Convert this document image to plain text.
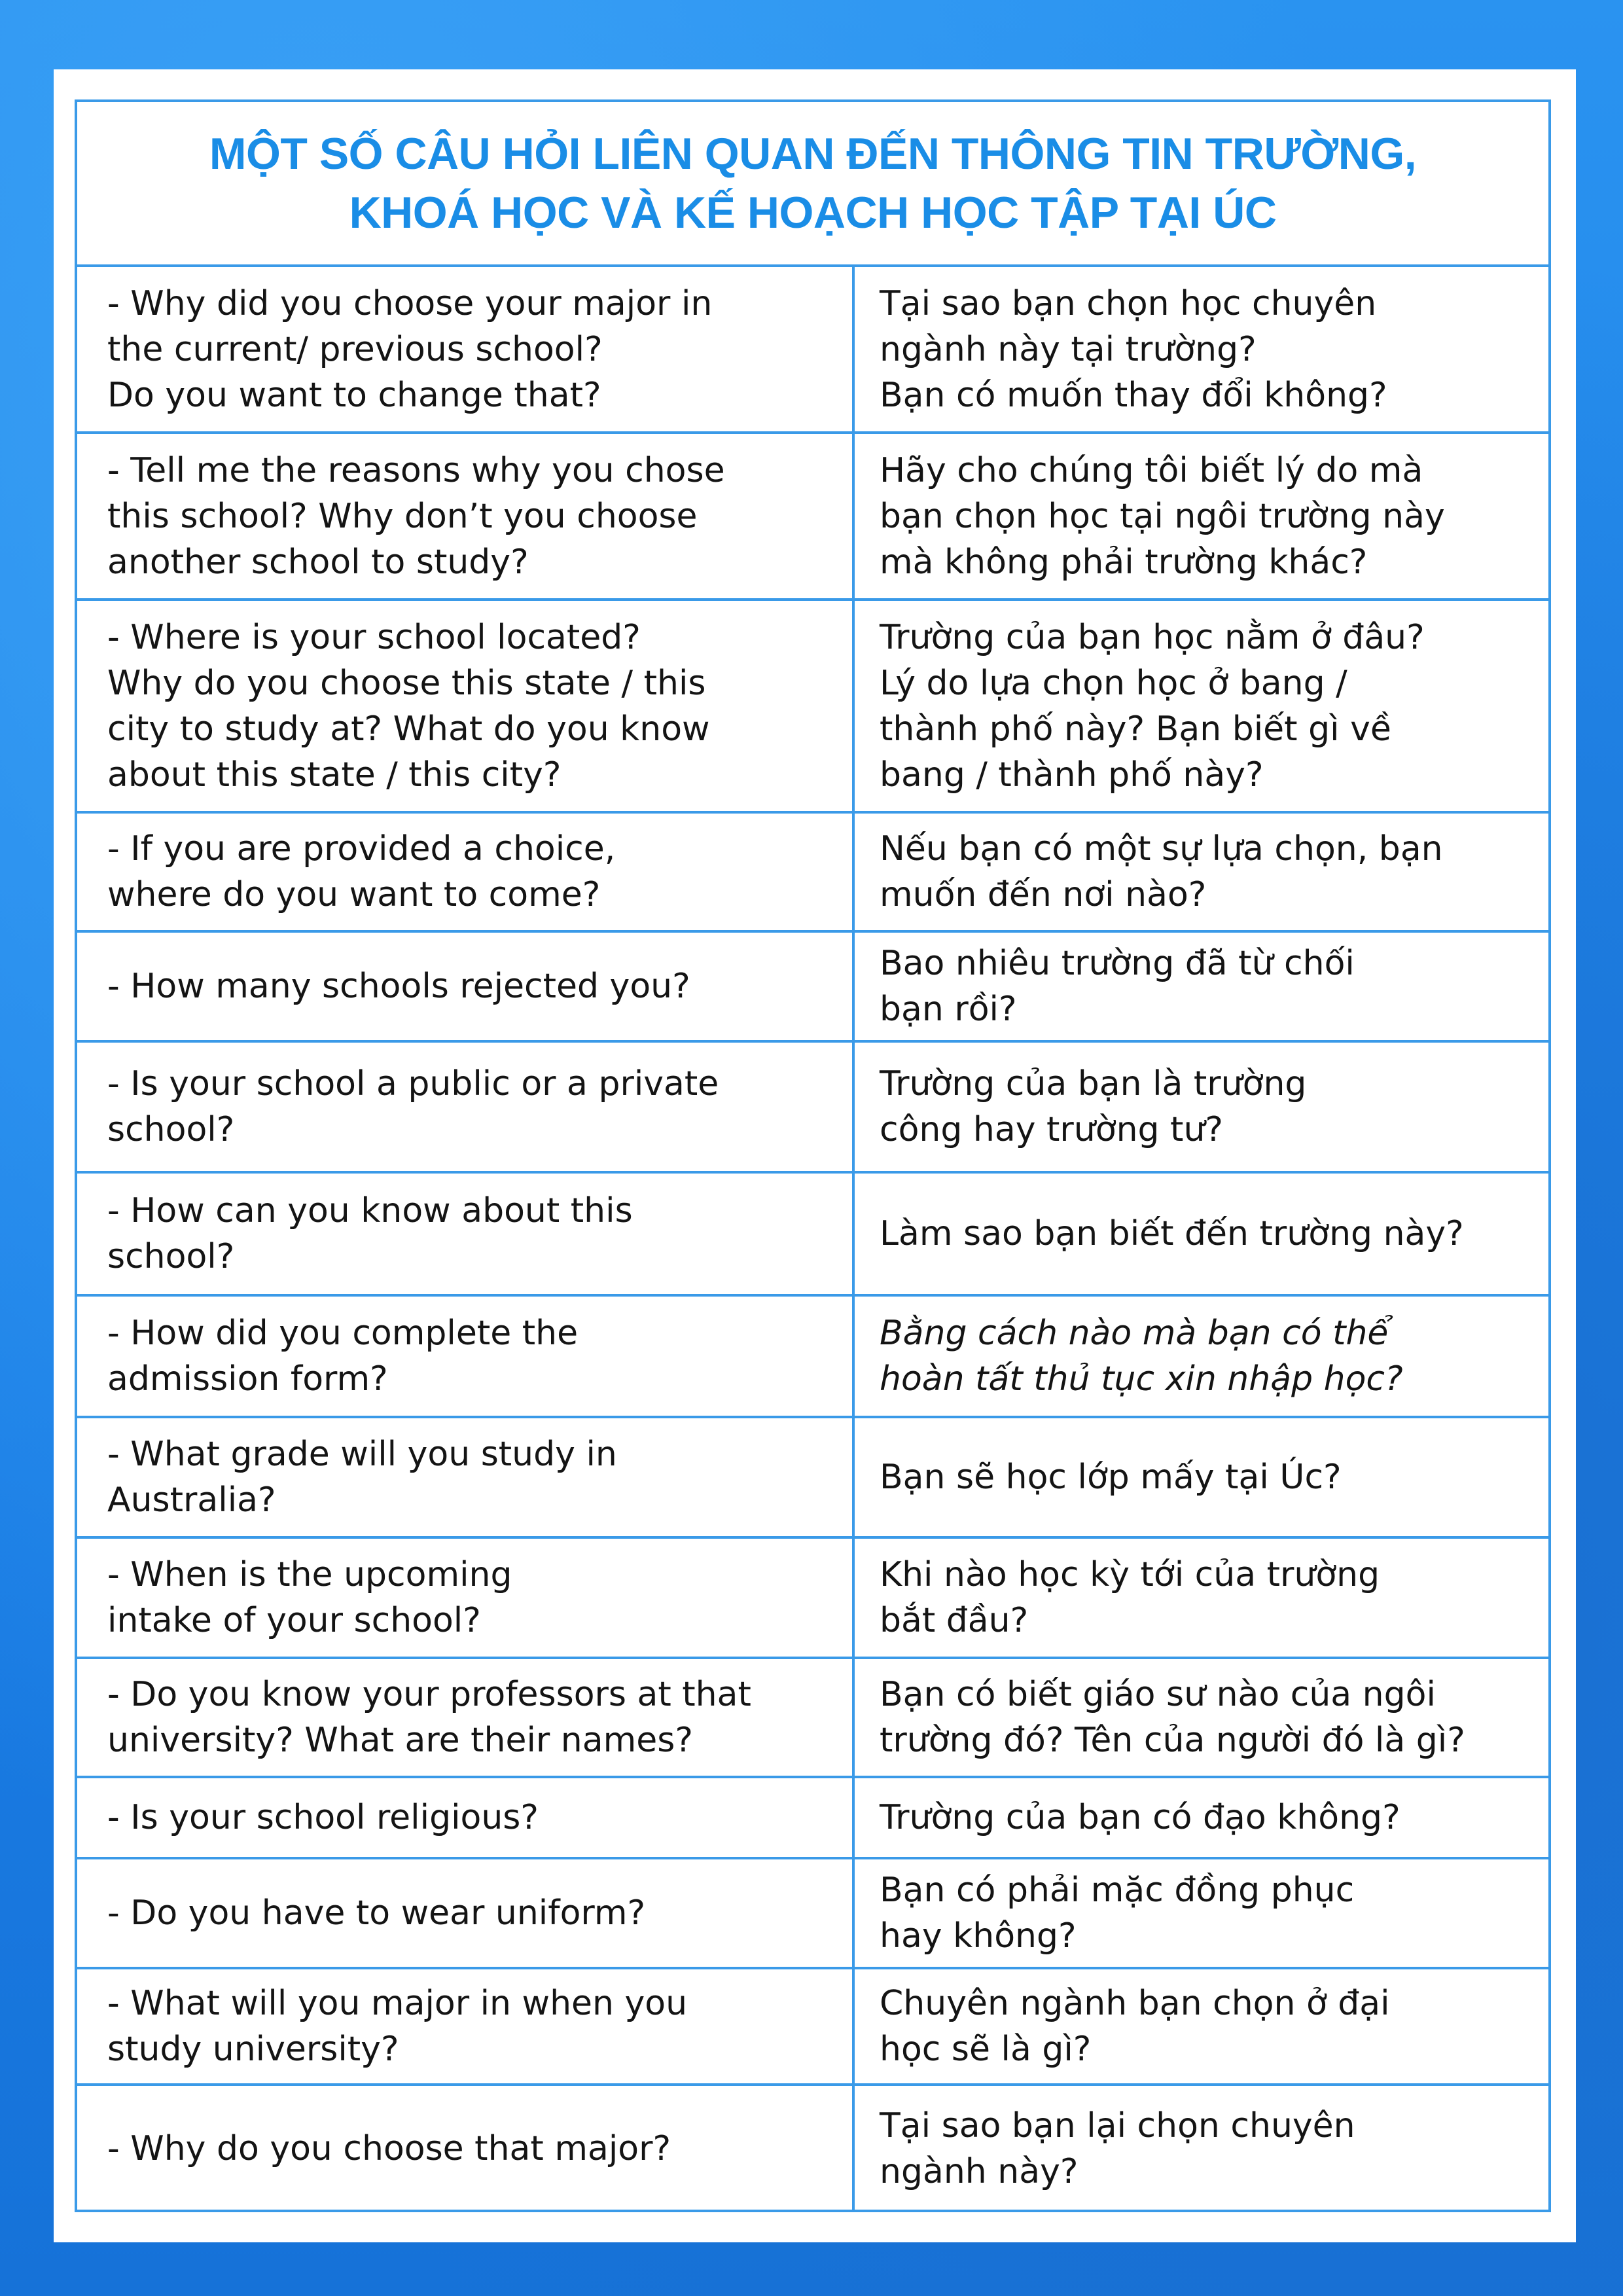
MỘT SỐ CÂU HỎI LIÊN QUAN ĐẾN THÔNG TIN TRƯỜNG,
KHOÁ HỌC VÀ KẾ HOẠCH HỌC TẬP TẠI ÚC
- Why did you choose your major in
the current/ previous school?
Do you want to change that?
Tại sao bạn chọn học chuyên
ngành này tại trường?
Bạn có muốn thay đổi không?
- Tell me the reasons why you chose
this school? Why don’t you choose
another school to study?
Hãy cho chúng tôi biết lý do mà
bạn chọn học tại ngôi trường này
mà không phải trường khác?
- Where is your school located?
Why do you choose this state / this
city to study at? What do you know
about this state / this city?
Trường của bạn học nằm ở đâu?
Lý do lựa chọn học ở bang /
thành phố này? Bạn biết gì về
bang / thành phố này?
- If you are provided a choice,
where do you want to come?
Nếu bạn có một sự lựa chọn, bạn
muốn đến nơi nào?
- How many schools rejected you?
Bao nhiêu trường đã từ chối
bạn rồi?
- Is your school a public or a private
school?
Trường của bạn là trường
công hay trường tư?
- How can you know about this
school?
Làm sao bạn biết đến trường này?
- How did you complete the
admission form?
Bằng cách nào mà bạn có thể
hoàn tất thủ tục xin nhập học?
- What grade will you study in
Australia?
Bạn sẽ học lớp mấy tại Úc?
- When is the upcoming
intake of your school?
Khi nào học kỳ tới của trường
bắt đầu?
- Do you know your professors at that
university? What are their names?
Bạn có biết giáo sư nào của ngôi
trường đó? Tên của người đó là gì?
- Is your school religious?	Trường của bạn có đạo không?
- Do you have to wear uniform?
Bạn có phải mặc đồng phục
hay không?
- What will you major in when you
study university?
Chuyên ngành bạn chọn ở đại
học sẽ là gì?
- Why do you choose that major?
Tại sao bạn lại chọn chuyên
ngành này?
